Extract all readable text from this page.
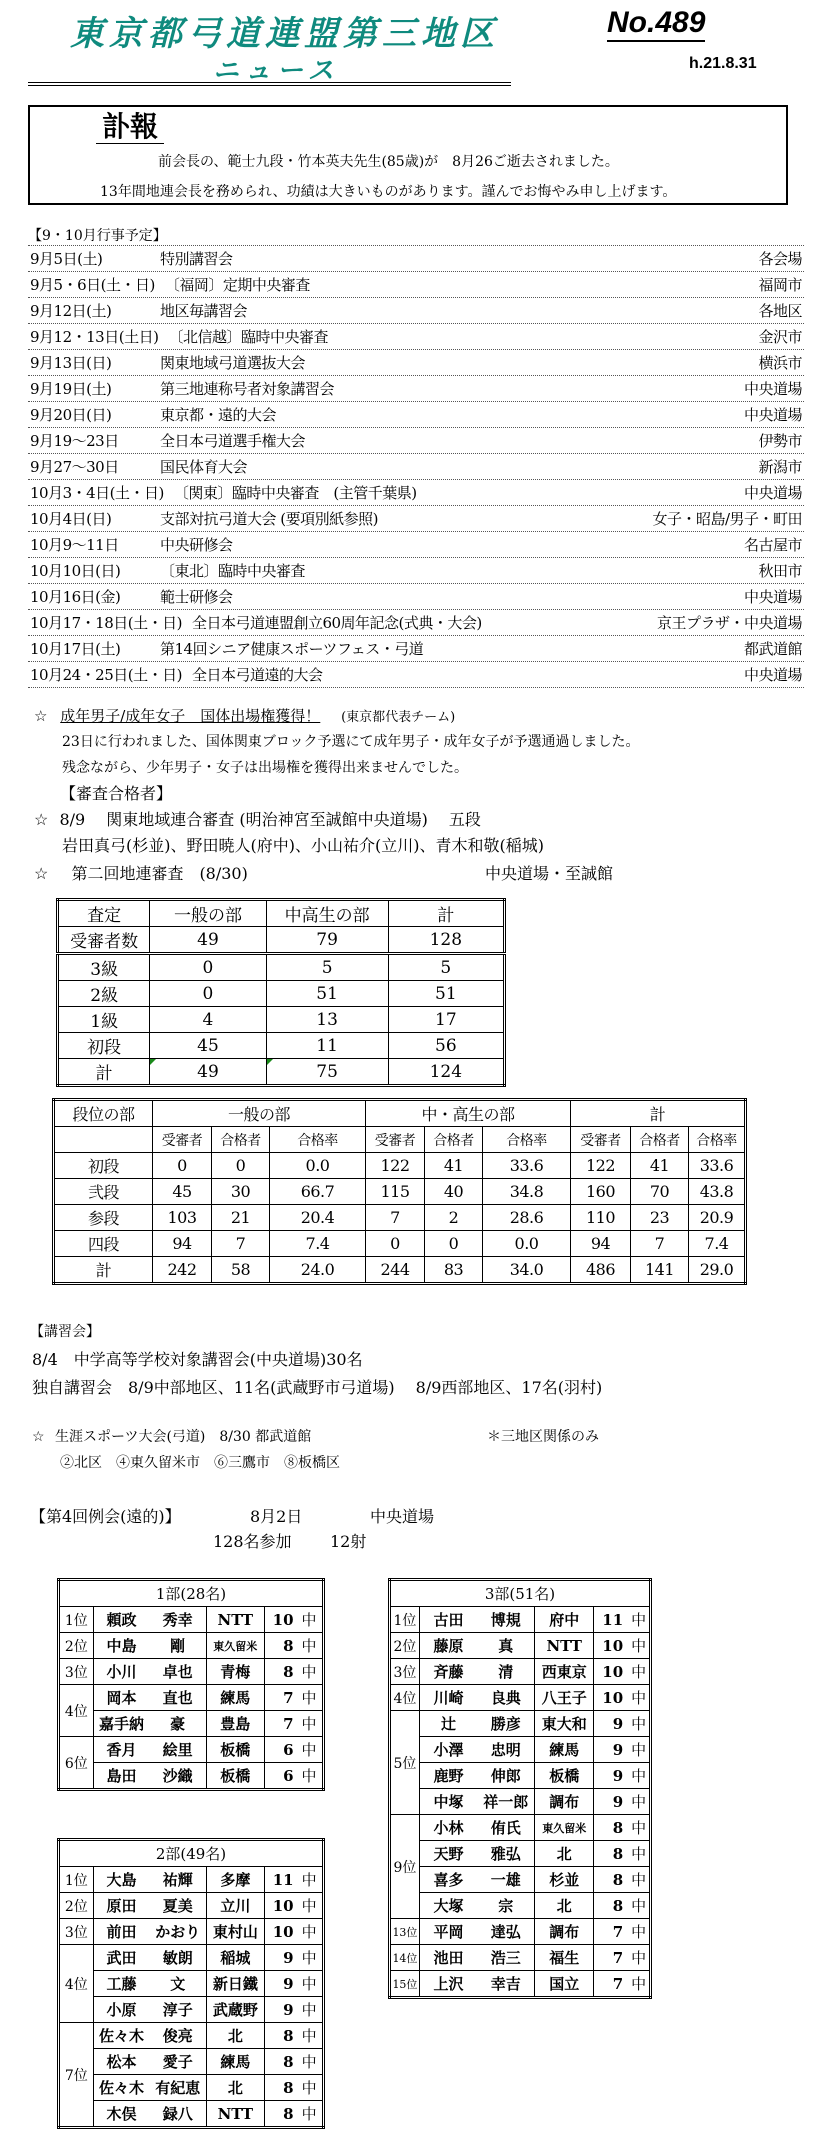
東京都弓道連盟第三地区
ニュース
No.489
h.21.8.31
訃報
前会長の、範士九段・竹本英夫先生(85歳)が　8月26ご逝去されました。
13年間地連会長を務められ、功績は大きいものがあります。謹んでお悔やみ申し上げます。
【9・10月行事予定】
9月5日(土)	特別講習会	各会場
9月5・6日(土・日) 〔福岡〕定期中央審査	福岡市
9月12日(土)	地区毎講習会	各地区
9月12・13日(土日) 〔北信越〕臨時中央審査	金沢市
9月13日(日)	関東地域弓道選抜大会	横浜市
9月19日(土)	第三地連称号者対象講習会	中央道場
9月20日(日)	東京都・遠的大会	中央道場
9月19～23日	全日本弓道選手権大会	伊勢市
9月27～30日	国民体育大会	新潟市
10月3・4日(土・日) 〔関東〕臨時中央審査　(主管千葉県)	中央道場
10月4日(日)	支部対抗弓道大会 (要項別紙参照)	女子・昭島/男子・町田
10月9～11日	中央研修会	名古屋市
10月10日(日)	〔東北〕臨時中央審査	秋田市
10月16日(金)	範士研修会	中央道場
10月17・18日(土・日) 全日本弓道連盟創立60周年記念(式典・大会)	京王プラザ・中央道場
10月17日(土)	第14回シニア健康スポーツフェス・弓道	都武道館
10月24・25日(土・日) 全日本弓道遠的大会	中央道場
☆ 成年男子/成年女子　国体出場権獲得！ (東京都代表チーム)
23日に行われました、国体関東ブロック予選にて成年男子・成年女子が予選通過しました。
残念ながら、少年男子・女子は出場権を獲得出来ませんでした。
【審査合格者】
☆ 8/9　 関東地域連合審査 (明治神宮至誠館中央道場)　 五段
岩田真弓(杉並)、野田暁人(府中)、小山祐介(立川)、青木和敬(稲城)
☆ 第二回地連審査　(8/30)	中央道場・至誠館
査定	一般の部	中高生の部	計
受審者数	49	79	128
3級	0	5	5
2級	0	51	51
1級	4	13	17
初段	45	11	56
計	49	75	124
段位の部	一般の部			中・高生の部			計		
	受審者	合格者	合格率	受審者	合格者	合格率	受審者	合格者	合格率
初段	0	0	0.0	122	41	33.6	122	41	33.6
弐段	45	30	66.7	115	40	34.8	160	70	43.8
参段	103	21	20.4	7	2	28.6	110	23	20.9
四段	94	7	7.4	0	0	0.0	94	7	7.4
計	242	58	24.0	244	83	34.0	486	141	29.0
【講習会】
8/4　中学高等学校対象講習会(中央道場)30名
独自講習会　8/9中部地区、11名(武蔵野市弓道場)　 8/9西部地区、17名(羽村)
☆ 生涯スポーツ大会(弓道)　8/30 都武道館	＊三地区関係のみ
②北区　④東久留米市　⑥三鷹市　⑧板橋区
【第4回例会(遠的)】	8月2日	中央道場
128名参加 12射
1部(28名)				
1位	頼政	秀幸	NTT	10 中
2位	中島	剛	東久留米	8 中
3位	小川	卓也	青梅	8 中
4位	岡本	直也	練馬	7 中
	嘉手納	豪	豊島	7 中
6位	香月	絵里	板橋	6 中
	島田	沙織	板橋	6 中
2部(49名)				
1位	大島	祐輝	多摩	11 中
2位	原田	夏美	立川	10 中
3位	前田	かおり	東村山	10 中
4位	武田	敏朗	稲城	9 中
	工藤	文	新日鐵	9 中
	小原	淳子	武蔵野	9 中
7位	佐々木	俊亮	北	8 中
	松本	愛子	練馬	8 中
	佐々木	有紀恵	北	8 中
	木俣	録八	NTT	8 中
3部(51名)				
1位	古田	博規	府中	11 中
2位	藤原	真	NTT	10 中
3位	斉藤	清	西東京	10 中
4位	川崎	良典	八王子	10 中
5位	辻	勝彦	東大和	9 中
	小澤	忠明	練馬	9 中
	鹿野	伸郎	板橋	9 中
	中塚	祥一郎	調布	9 中
9位	小林	侑氏	東久留米	8 中
	天野	雅弘	北	8 中
	喜多	一雄	杉並	8 中
	大塚	宗	北	8 中
13位	平岡	達弘	調布	7 中
14位	池田	浩三	福生	7 中
15位	上沢	幸吉	国立	7 中
